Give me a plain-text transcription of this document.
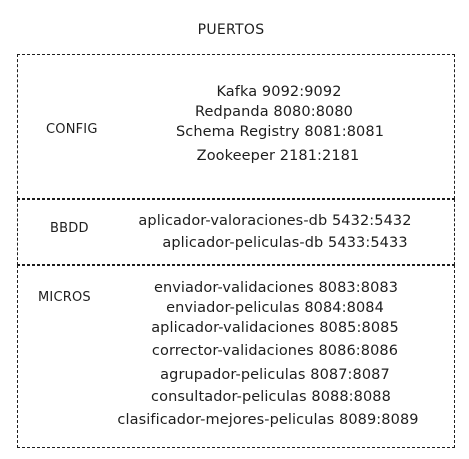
PUERTOS
CONFIG
Kafka 9092:9092
Redpanda 8080:8080
Schema Registry 8081:8081
Zookeeper 2181:2181
BBDD	aplicador-valoraciones-db 5432:5432
aplicador-peliculas-db 5433:5433
MICROS
enviador-validaciones 8083:8083
enviador-peliculas 8084:8084
aplicador-validaciones 8085:8085
corrector-validaciones 8086:8086
agrupador-peliculas 8087:8087
consultador-peliculas 8088:8088
clasificador-mejores-peliculas 8089:8089
